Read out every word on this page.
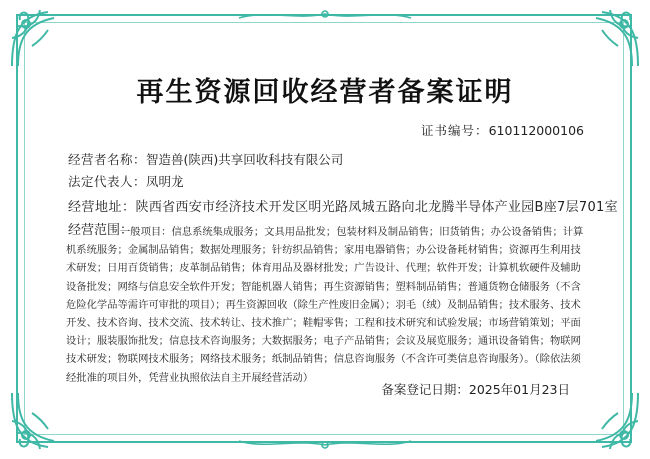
再生资源回收经营者备案证明
证书编号：610112000106
经营者名称：智造兽(陕西)共享回收科技有限公司
法定代表人：凤明龙
经营地址：陕西省西安市经济技术开发区明光路凤城五路向北龙腾半导体产业园B座7层701室
经营范围：
一般项目：信息系统集成服务；文具用品批发；包装材料及制品销售；旧货销售；办公设备销售；计算机系统服务；金属制品销售；数据处理服务；针纺织品销售；家用电器销售；办公设备耗材销售；资源再生利用技术研发；日用百货销售；皮革制品销售；体育用品及器材批发；广告设计、代理；软件开发；计算机软硬件及辅助设备批发；网络与信息安全软件开发；智能机器人销售；再生资源销售；塑料制品销售；普通货物仓储服务（不含危险化学品等需许可审批的项目）；再生资源回收（除生产性废旧金属）；羽毛（绒）及制品销售；技术服务、技术开发、技术咨询、技术交流、技术转让、技术推广；鞋帽零售；工程和技术研究和试验发展；市场营销策划；平面设计；服装服饰批发；信息技术咨询服务；大数据服务；电子产品销售；会议及展览服务；通讯设备销售；物联网技术研发；物联网技术服务；网络技术服务；纸制品销售；信息咨询服务（不含许可类信息咨询服务）。（除依法须经批准的项目外，凭营业执照依法自主开展经营活动）
备案登记日期：2025年01月23日
